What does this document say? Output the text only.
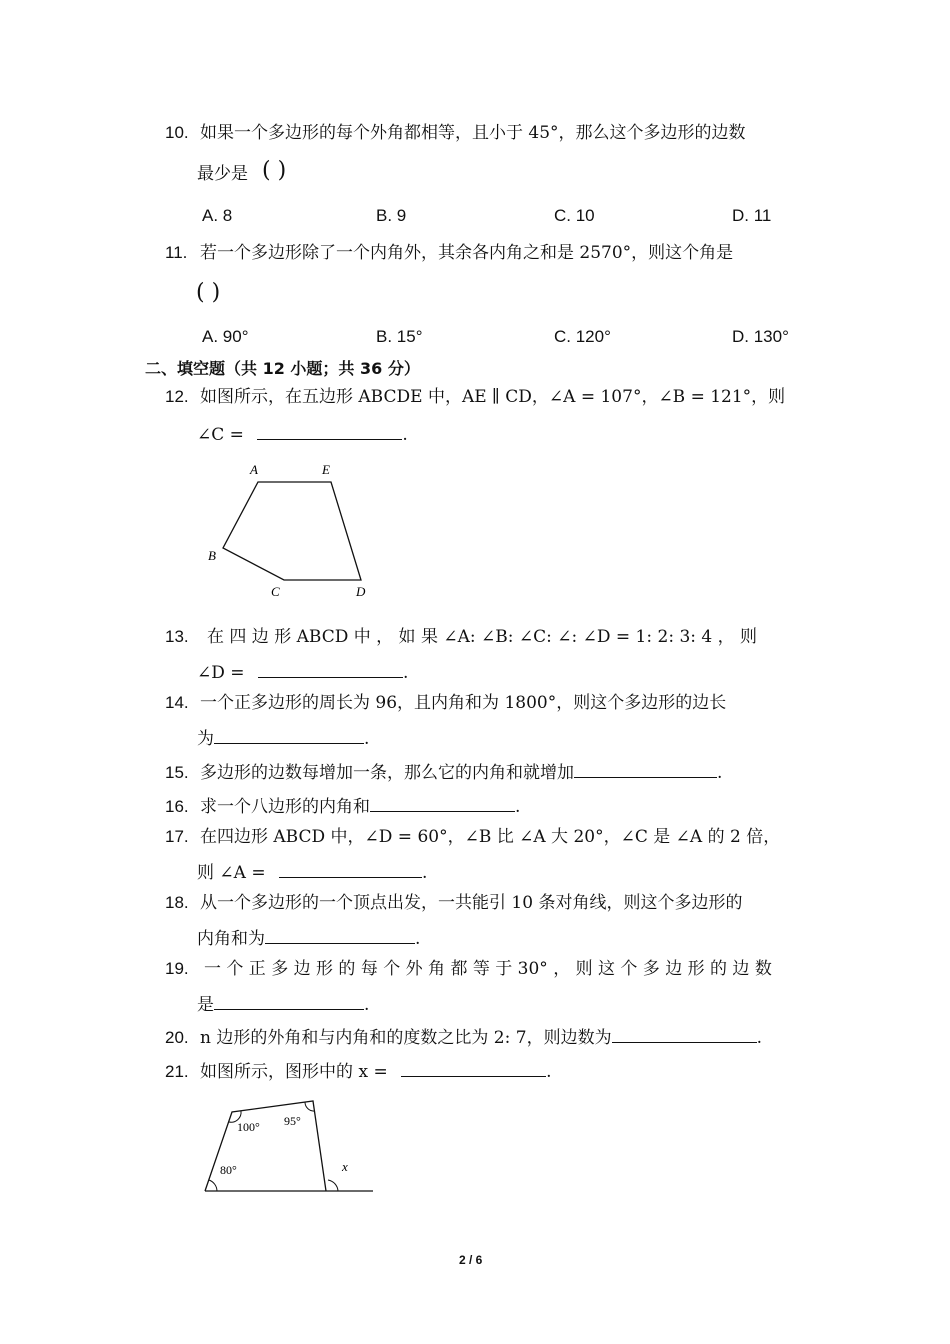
10. 如果一个多边形的每个外角都相等，且小于 45°，那么这个多边形的边数
最少是 ( )
A. 8	B. 9	C. 10	D. 11
11. 若一个多边形除了一个内角外，其余各内角之和是 2570°，则这个角是
( )
A. 90°	B. 15°	C. 120°	D. 130°
二、填空题（共 12 小题；共 36 分）
12. 如图所示，在五边形 ABCDE 中，AE ∥ CD，∠A = 107°，∠B = 121°，则
∠C =	.
A	E
B
C	D
13. 在 四 边 形 ABCD 中 ， 如 果 ∠A: ∠B: ∠C: ∠: ∠D = 1: 2: 3: 4 ， 则
∠D =	.
14. 一个正多边形的周长为 96，且内角和为 1800°，则这个多边形的边长
为	.
15. 多边形的边数每增加一条，那么它的内角和就增加	.
16. 求一个八边形的内角和	.
17. 在四边形 ABCD 中，∠D = 60°，∠B 比 ∠A 大 20°，∠C 是 ∠A 的 2 倍，
则 ∠A =	.
18. 从一个多边形的一个顶点出发，一共能引 10 条对角线，则这个多边形的
内角和为	.
19. 一 个 正 多 边 形 的 每 个 外 角 都 等 于 30° ， 则 这 个 多 边 形 的 边 数
是	.
20. n 边形的外角和与内角和的度数之比为 2: 7，则边数为	.
21. 如图所示，图形中的 x =	.
100° 95°
80°	x
2 / 6
